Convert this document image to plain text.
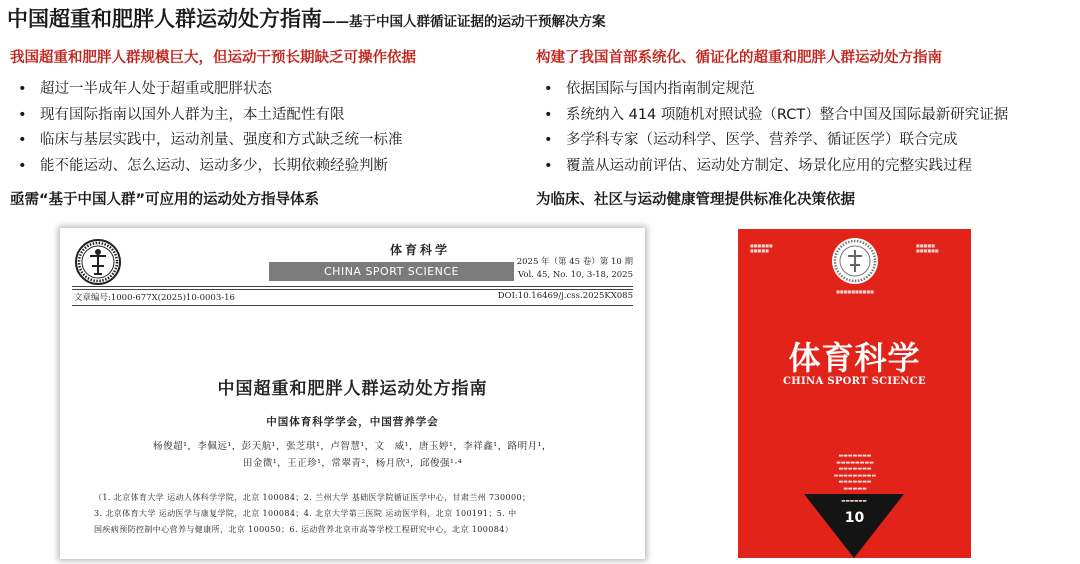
中国超重和肥胖人群运动处方指南——基于中国人群循证证据的运动干预解决方案
我国超重和肥胖人群规模巨大，但运动干预长期缺乏可操作依据
• 超过一半成年人处于超重或肥胖状态
• 现有国际指南以国外人群为主，本土适配性有限
• 临床与基层实践中，运动剂量、强度和方式缺乏统一标准
• 能不能运动、怎么运动、运动多少，长期依赖经验判断
亟需“基于中国人群”可应用的运动处方指导体系
构建了我国首部系统化、循证化的超重和肥胖人群运动处方指南
• 依据国际与国内指南制定规范
• 系统纳入 414 项随机对照试验（RCT）整合中国及国际最新研究证据
• 多学科专家（运动科学、医学、营养学、循证医学）联合完成
• 覆盖从运动前评估、运动处方制定、场景化应用的完整实践过程
为临床、社区与运动健康管理提供标准化决策依据
体育科学
CHINA SPORT SCIENCE
2025 年（第 45 卷）第 10 期
Vol. 45, No. 10, 3-18, 2025
文章编号:1000-677X(2025)10-0003-16	DOI:10.16469/j.css.2025KX085
中国超重和肥胖人群运动处方指南
中国体育科学学会，中国营养学会
杨俊超¹，李佩远¹，彭天航¹，张芝琪¹，卢智慧¹，文　威¹，唐玉婷¹，李祥鑫¹，路明月¹，
田金微¹，王正珍¹，常翠青²，杨月欣³，邱俊强¹·⁴
（1. 北京体育大学 运动人体科学学院，北京 100084；2. 兰州大学 基础医学院循证医学中心，甘肃兰州 730000；
3. 北京体育大学 运动医学与康复学院，北京 100084；4. 北京大学第三医院 运动医学科，北京 100191；5. 中
国疾病预防控制中心营养与健康所，北京 100050；6. 运动营养北京市高等学校工程研究中心，北京 100084）
■■■■■■
■■■■■
■■■■■
■■■■■■
■■■■■■■■■■
体育科学
CHINA SPORT SCIENCE
▬▬▬▬▬▬▬
▬▬▬▬▬▬▬▬
▬▬▬▬▬▬▬
▬▬▬▬▬▬▬▬▬
▬▬▬▬▬▬▬
▬▬▬▬▬
▬▬▬▬▬▬
10
